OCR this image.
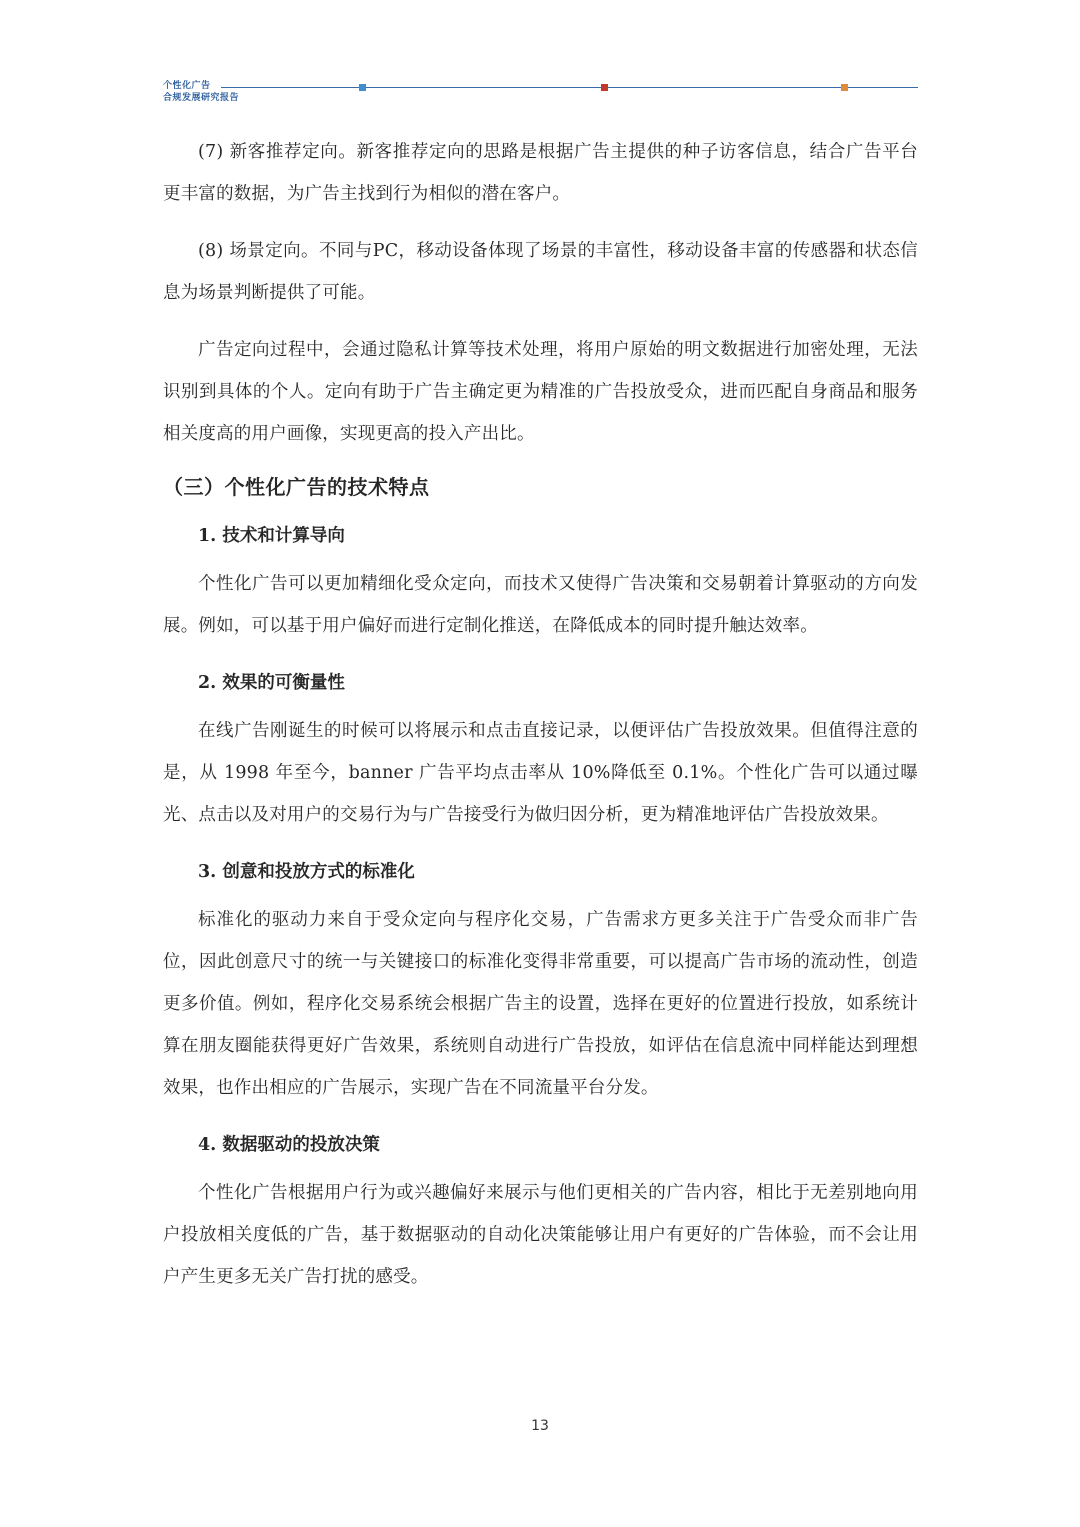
个性化广告
合规发展研究报告

(7) 新客推荐定向。新客推荐定向的思路是根据广告主提供的种子访客信息，结合广告平台更丰富的数据，为广告主找到行为相似的潜在客户。

(8) 场景定向。不同与PC，移动设备体现了场景的丰富性，移动设备丰富的传感器和状态信息为场景判断提供了可能。

广告定向过程中，会通过隐私计算等技术处理，将用户原始的明文数据进行加密处理，无法识别到具体的个人。定向有助于广告主确定更为精准的广告投放受众，进而匹配自身商品和服务相关度高的用户画像，实现更高的投入产出比。

（三）个性化广告的技术特点
1. 技术和计算导向

个性化广告可以更加精细化受众定向，而技术又使得广告决策和交易朝着计算驱动的方向发展。例如，可以基于用户偏好而进行定制化推送，在降低成本的同时提升触达效率。

2. 效果的可衡量性

在线广告刚诞生的时候可以将展示和点击直接记录，以便评估广告投放效果。但值得注意的是，从 1998 年至今，banner 广告平均点击率从 10%降低至 0.1%。个性化广告可以通过曝光、点击以及对用户的交易行为与广告接受行为做归因分析，更为精准地评估广告投放效果。

3. 创意和投放方式的标准化

标准化的驱动力来自于受众定向与程序化交易，广告需求方更多关注于广告受众而非广告位，因此创意尺寸的统一与关键接口的标准化变得非常重要，可以提高广告市场的流动性，创造更多价值。例如，程序化交易系统会根据广告主的设置，选择在更好的位置进行投放，如系统计算在朋友圈能获得更好广告效果，系统则自动进行广告投放，如评估在信息流中同样能达到理想效果，也作出相应的广告展示，实现广告在不同流量平台分发。

4. 数据驱动的投放决策

个性化广告根据用户行为或兴趣偏好来展示与他们更相关的广告内容，相比于无差别地向用户投放相关度低的广告，基于数据驱动的自动化决策能够让用户有更好的广告体验，而不会让用户产生更多无关广告打扰的感受。

13
